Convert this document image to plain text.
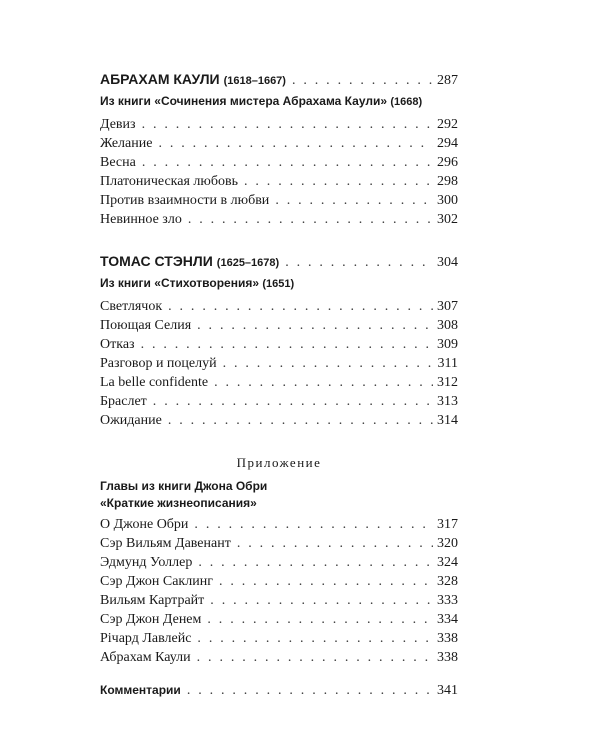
АБРАХАМ КАУЛИ (1618–1667) . . .	287
Из книги «Сочинения мистера Абрахама Каули» (1668)
Девиз . . .	292
Желание . . .	294
Весна . . .	296
Платоническая любовь . . .	298
Против взаимности в любви . . .	300
Невинное зло . . .	302
ТОМАС СТЭНЛИ (1625–1678) . . .	304
Из книги «Стихотворения» (1651)
Светлячок . . .	307
Поющая Селия . . .	308
Отказ . . .	309
Разговор и поцелуй . . .	311
La belle confidente . . .	312
Браслет . . .	313
Ожидание . . .	314
Приложение
Главы из книги Джона Обри
«Краткие жизнеописания»
О Джоне Обри . . .	317
Сэр Вильям Давенант . . .	320
Эдмунд Уоллер . . .	324
Сэр Джон Саклинг . . .	328
Вильям Картрайт . . .	333
Сэр Джон Денем . . .	334
Річард Лавлейс . . .	338
Абрахам Каули . . .	338
Комментарии . . .	341
